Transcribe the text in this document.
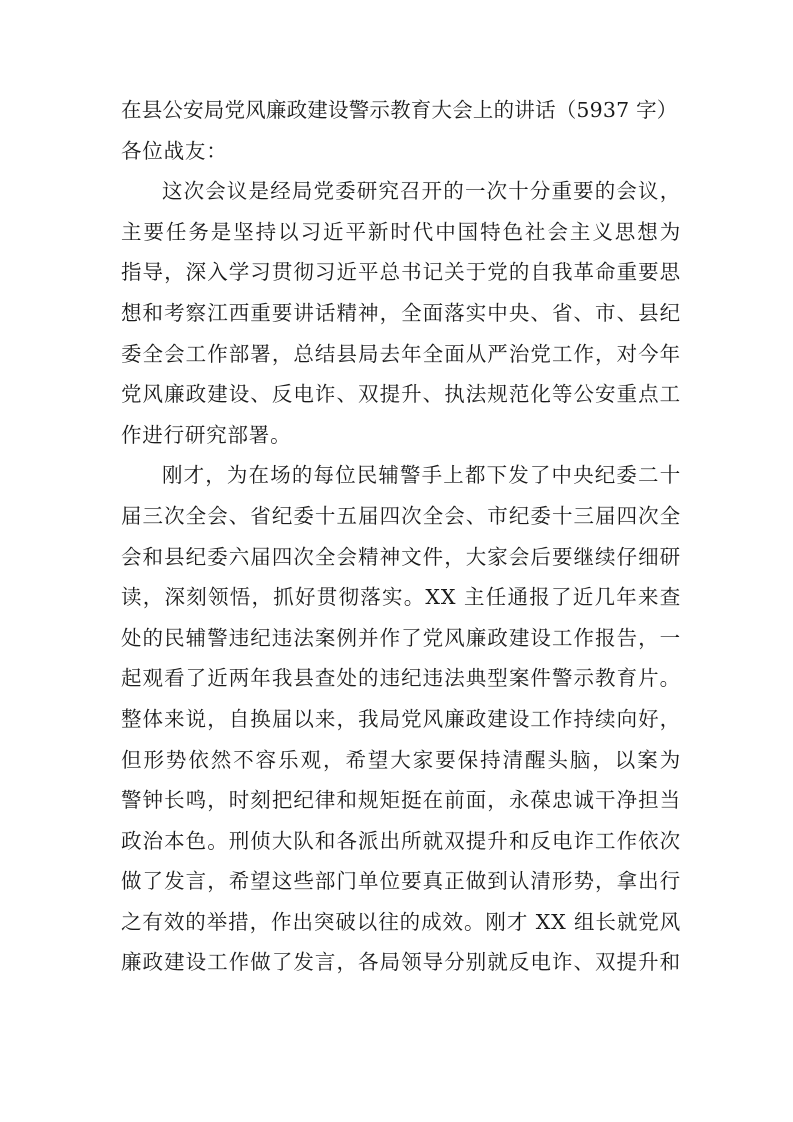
在县公安局党风廉政建设警示教育大会上的讲话（5937 字）
各位战友：
这次会议是经局党委研究召开的一次十分重要的会议，
主要任务是坚持以习近平新时代中国特色社会主义思想为
指导，深入学习贯彻习近平总书记关于党的自我革命重要思
想和考察江西重要讲话精神，全面落实中央、省、市、县纪
委全会工作部署，总结县局去年全面从严治党工作，对今年
党风廉政建设、反电诈、双提升、执法规范化等公安重点工
作进行研究部署。
刚才，为在场的每位民辅警手上都下发了中央纪委二十
届三次全会、省纪委十五届四次全会、市纪委十三届四次全
会和县纪委六届四次全会精神文件，大家会后要继续仔细研
读，深刻领悟，抓好贯彻落实。XX 主任通报了近几年来查
处的民辅警违纪违法案例并作了党风廉政建设工作报告，一
起观看了近两年我县查处的违纪违法典型案件警示教育片。
整体来说，自换届以来，我局党风廉政建设工作持续向好，
但形势依然不容乐观，希望大家要保持清醒头脑，以案为
警钟长鸣，时刻把纪律和规矩挺在前面，永葆忠诚干净担当
政治本色。刑侦大队和各派出所就双提升和反电诈工作依次
做了发言，希望这些部门单位要真正做到认清形势，拿出行
之有效的举措，作出突破以往的成效。刚才 XX 组长就党风
廉政建设工作做了发言，各局领导分别就反电诈、双提升和
